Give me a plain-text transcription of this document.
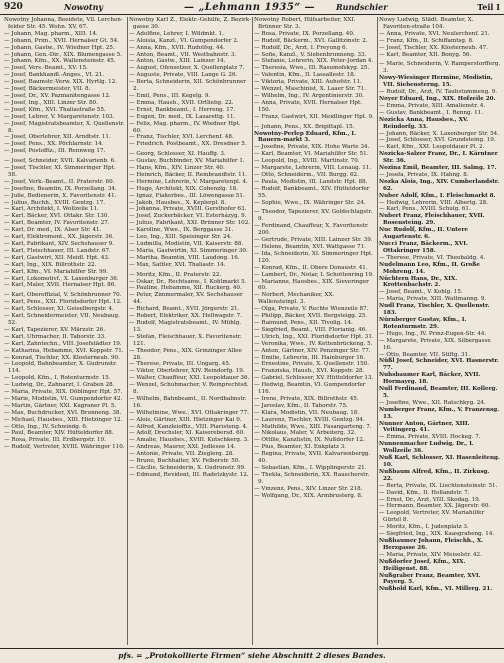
920	Nowotny	— „Lehmann 1935“ —	Rundschier	Teil I
Nowotny Johanna, Beeidete, Vll. Lerchen-felder Str. 45. Wohn. XV, 67.
— Johann, Mag. pharm., XIII. 14.
— Johann, Prim., XVII. Hernalser Gt. 54.
— Johann, Gastw., IV. Wiedner Hpt. 25.
— Johann, Gen.-Dir., XIX. Blumengasse 5.
— Johann, Kfm., XX. Wallensteinstr. 45.
— Josef, Vers.-Beamt., XV. 15.
— Josef, Bankhandl.-Anges., VI. 21.
— Josef, Baumstr.-Verw. XIX. Hyrtlg. 12.
— Josef, Bäckermeister, VII. 8.
— Josef, Dr., XV. Pazmanitengasse 12.
— Josef, Ing., XIII. Linzer Str. 80.
— Josef, Kfm., XVI. Thaliastraße 55.
— Josef, Lehrer, V. Margaretenstr. 103.
— Josef, Magistratsbeamter, X. Quellenstr. 8.
— Josef, Oberlehrer, XII. Arndtstr. 11.
— Josef, Pens., XX. Pöchlarnstr. 14.
— Josef, Postoffiz., III. Rennweg 17.
— Josef, Schneider, XVII. Kalvarienb. 6.
— Josef, Tischler, XI. Simmeringer Hpt. 58.
— Josef, Verk.-Beamt., II. Praterstr. 60.
— Josefine, Beamtin, IX. Porzellang. 34.
— Julie, Bedienerin, X. Favoritenstr. 41.
— Julius, Buchh., XVIII. Gentzg. 17.
— Karl, Architekt, I. Wollzeile 11.
— Karl, Bäcker, XVI. Ottakr. Str. 130.
— Karl, Beamter, IV. Favoritenstr. 27.
— Karl, Dr. med., IX. Alser Str. 41.
— Karl, Elektromont., XX. Jägerstr. 36.
— Karl, Fabrikant, XIV. Sechshauser 9.
— Karl, Fleischhauer, III. Landstr. 67.
— Karl, Gastwirt, XII. Meidl. Hpt. 43.
— Karl, Ing., XIX. Billrothstr. 22.
— Karl, Kfm., VI. Mariahilfer Str. 99.
— Karl, Lokomotivf., X. Laxenburger 36.
— Karl, Maler, XVII. Hernalser Hpt. 86.
— Karl, Oberoffizial, V. Schönbrunner 70.
— Karl, Pens., XXI. Floridsdorfer Hpt. 12.
— Karl, Schlosser, XI. Geiselbergstr. 4.
— Karl, Schneidermeister, VII. Neubaug. 52.
— Karl, Tapezierer, XV. Märzstr. 26.
— Karl, Uhrmacher, II. Taborstr. 33.
— Karl, Zahntechn., VIII. Josefstädter 19.
— Katharina, Hebamme, XVI. Koppstr. 71.
— Konrad, Tischler, XX. Klosterneub. 90.
— Leopold, Bahnbeamter, X. Gudrunstr. 114.
— Leopold, Kfm., I. Rotenturmstr. 15.
— Ludwig, Dr., Zahnarzt, I. Graben 28.
— Maria, Private, XIX. Döblinger Hpt. 57.
— Marie, Modistin, VI. Gumpendorfer 42.
— Martin, Gärtner, XXI. Kagraner Pl. 5.
— Max, Buchdrucker, XVI. Brunneng. 38.
— Michael, Hausbes., XIII. Hietzinger 12.
— Otto, Ing., IV. Schwindg. 6.
— Paul, Beamter, XIV. Hütteldorfer 88.
— Rosa, Private, III. Erdbergstr. 19.
— Rudolf, Vertreter, XVIII. Währinger 110.
Nowotny Karl Z., Elektr.-Gehilfe, Z. Bezirk-gasse 30.
— Adolfine, Lehrer, I. Wildmkt. 1.
— Aloisia, Kanzl., VI. Gumpendorfer 2.
— Anna, Kfm., XVII. Rudolfsg. 44.
— Anton, Beamt., VII. Westbahnstr. 3.
— Anton, Gastw., XIII. Lainzer 14.
— August, Ofensetzer, X. Quellenplatz 7.
— Auguste, Private, VIII. Lange G. 26.
— Berta, Schneiderin, XII. Schönbrunner 2.
— Emil, Pens., III. Kegelg. 9.
— Emma, Haush., XVII. Ortliebg. 22.
— Ernst, Bankbeamt., I. Herreng. 17.
— Eugen, Dr. med., IX. Lazarettg. 11.
— Felix, Mag. pharm., IV. Wiedner Hpt. 60.
— Franz, Tischler, XVI. Lerchenf. 48.
— Friedrich, Postbeamt., XX. Dresdner 5.
— Georg, Schlosser, XI. Hauffg. 3.
— Gustav, Buchbinder, XV. Mariahilfer 1.
— Hans, Kfm., XIV. Linzer Str. 40.
— Heinrich, Bäcker, II. Rembrandtstr. 11.
— Hermine, Lehrerin, V. Margaretenpl. 4.
— Hugo, Architekt, XIX. Cobenzlg. 18.
— Ignaz, Fiakerbes., III. Löwengasse 51.
— Jakob, Hausbes., X. Keplerpl. 8.
— Johanna, Private, XVIII. Gersthofer 63.
— Josef, Zuckerbäcker, VI. Esterházyg. 9.
— Julius, Fabrikant, XXI. Brünner Str. 102.
— Karoline, Wwe., IX. Berggasse 31.
— Leo, Ing., XIII. Speisinger Str. 24.
— Ludmilla, Modistin, VII. Kaiserstr. 88.
— Maria, Gastwirtin, XI. Simmeringer 30.
— Martha, Beamtin, VIII. Laudong. 16.
— Max, Sattler, XVI. Thaliastr. 14.
— Moritz, Kfm., II. Praterstr. 22.
— Oskar, Dr., Rechtsanw., I. Kohlmarkt 5.
— Pauline, Hebamme, XII. Ruckerg. 40.
— Peter, Zimmermaler, XV. Sechshauser 44.
— Richard, Beamt., XVII. Jörgerstr. 21.
— Robert, Elektriker, XX. Hellwagstr. 7.
— Rudolf, Magistratsbeamt., IV. Mühlg. 13.
— Stefan, Fleischhauer, X. Favoritenstr. 121.
— Theodor, Pens., XIX. Grinzinger Allee 28.
— Therese, Private, III. Ungarg. 45.
— Viktor, Oberlehrer, XIV. Reindorfg. 19.
— Walter, Chauffeur, XXI. Leopoldauer 36.
— Wenzel, Schuhmacher, V. Reinprechtsd. 8.
— Wilhelm, Bahnbeamt., II. Nordbahnstr. 16.
— Wilhelmine, Wwe., XVI. Ottakringer 77.
— Alois, Gärtner, XIII. Hietzinger Kai 9.
— Alfred, Kanzleioffiz., VIII. Piaristeng. 4.
— Adolf, Drechsler, XI. Kaiserebersd. 60.
— Amalie, Hausbes., XVIII. Kutschkerg. 3.
— Andreas, Maurer, XXI. Jedlesee 14.
— Antonie, Private, VII. Zieglerg. 28.
— Bruno, Buchhalter, XV. Felberstr. 50.
— Cäcilie, Schneiderin, X. Gudrunstr. 99.
— Edmund, Revident, III. Radetzkystr. 12.
Nowotny Robert, Hilfsarbeiter, XXI. Brünner Str. 3.
— Rosa, Private, IX. Porzellang. 40.
— Rudolf, Bäckerm., XVI. Gallitzinstr. 2.
— Rudolf, Dr., Arzt, I. Freyung 6.
— Sofie, Kanzl., V. Siebenbrunneng. 33.
— Stefanie, Lehrerin, XIX. Peter-Jordan 4.
— Theresia, Wwe., III. Rasumofskyg. 25.
— Valentin, Kfm., II. Lassallestr. 18.
— Viktoria, Private, XIII. Auhofstr. 11.
— Wenzel, Maschinist, X. Laaer Str. 71.
— Wilhelm, Ing., IV. Argentinierstr. 30.
— Anna, Private, XVII. Hernalser Hpt. 150.
— Franz, Gastwirt, XII. Meidlinger Hpt. 9.
— Johann, Pens., XX. Brigittapl. 15.
Nowotny-Perlep Eduard, Kfm., I. Bauern-markt 3.
— Josefine, Private, XIX. Hohe Warte 34.
— Karl, Beamter, VI. Mariahilfer Str. 51.
— Leopold, Ing., XVIII. Martinstr. 70.
— Margarete, Lehrerin, VIII. Lenaug. 11.
— Otto, Schneiderm., VII. Burgg. 62.
— Paula, Modistin, III. Landstr. Hpt. 88.
— Rudolf, Bankbeamt., XIV. Hütteldorfer 55.
— Sophie, Wwe., IX. Währinger Str. 24.
— Theodor, Tapezierer, XV. Goldschlagstr. 9.
— Ferdinand, Chauffeur, X. Favoritenstr. 200.
— Gertrude, Private, XIII. Lainzer Str. 39.
— Helene, Beamtin, XVI. Wattgasse 71.
— Ida, Schneiderin, XI. Simmeringer Hpt. 120.
— Konrad, Kfm., II. Obere Donaustr. 41.
— Lambert, Dr., Notar, I. Schottenring 19.
— Marianne, Hausbes., XIX. Sieveringer 60.
— Norbert, Mechaniker, XX. Wallensteinpl. 3.
— Olga, Private, V. Rechte Wienzeile 87.
— Philipp, Bäcker, XVII. Bergsteigg. 25.
— Raimund, Pens., XII. Tivolig. 14.
— Siegfried, Beamt., VIII. Florianig. 46.
— Ulrich, Ing., XXI. Floridsdorfer Hpt. 31.
— Veronika, Wwe., IV. Kettenbrückeng. 5.
— Anton, Gärtner, XIV. Penzinger Str. 77.
— Emilie, Lehrerin, III. Hainburger 16.
— Ernestine, Private, X. Quellenstr. 150.
— Franziska, Haush., XVI. Koppstr. 28.
— Gabriel, Schlosser, XV. Hütteldorfer 13.
— Hedwig, Beamtin, VI. Gumpendorfer 116.
— Irene, Private, XIX. Billrothstr. 45.
— Jaroslav, Kfm., II. Taborstr. 75.
— Klara, Modistin, VII. Neubaug. 18.
— Laurenz, Tischler, XVIII. Gentzg. 94.
— Mathilde, Wwe., XIII. Fasangarteng. 7.
— Nikolaus, Maler, V. Arbeiterg. 32.
— Ottilie, Kanzlistin, IX. Nußdorfer 12.
— Pius, Beamter, XI. Enkplatz 3.
— Regina, Private, XVII. Kalvarienbergg. 40.
— Sebastian, Kfm., I. Wipplingerstr. 21.
— Thekla, Schneiderin, XX. Rauscherstr. 9.
— Vinzenz, Pens., XIV. Linzer Str. 218.
— Wolfgang, Dr., XIX. Armbrusterg. 8.
Nowy Ludwig, Städt. Beamter, X. Favoriten-straße 104.
— Anna, Private, XVI. Neulerchenf. 21.
— Franz, Kfm., II. Schiffamtsg. 8.
— Josef, Tischler, XX. Klosterneub. 47.
— Karl, Beamter, XII. Bonyg. 56.
— Marie, Schneiderin, V. Ramperstorfferg. 3.
Nowy-Wiesinger Hermine, Modistin, VII. Siebensterng. 15.
— Rudolf, Dr., Arzt, IV. Taubstummeng. 9.
Noyer Eduard, Ing., XIX. Hofzeile 20.
— Emma, Private, XIII. Amalienstr. 4.
— Gustav, Bankbeamt., I. Renng. 11.
Nozicka Anna, Hausbes., XV. Reindorfg. 33.
— Johann, Bäcker, X. Laxenburger Str. 54.
— Josef, Schlosser, XVI. Grundsteing. 19.
— Karl, Kfm., XXI. Leopoldauer Pl. 2.
Nozicka-Salzer Franz, Dr., I. Kärntner Str. 36.
Nozina Emil, Beamter, III. Salmg. 17.
— Josefa, Private, IX. Hahng. 8.
Nozka Alois, Ing., XIV. Cumberlandstr. 62.
Nuber Adolf, Kfm., I. Fleischmarkt 8.
— Hedwig, Lehrerin, VIII. Albertg. 28.
— Karl, Pens., XVIII. Schulg. 61.
Nubert Franz, Fleischhauer, XVII. Rosensteing. 29.
Nuc Rudolf, Kfm., II. Untere Augartenstr. 6.
Nucci Franz, Bäckerm., XVI. Ottakringer 158.
— Therese, Private, VI. Theobaldg. 4.
Nudelmann Leo, Kfm., II. Große Mohreng. 14.
Nüchtern Hans, Dr., XIX. Krottenbachstr. 2.
— Josef, Beamt., V. Kohlg. 15.
— Maria, Private, XIII. Wattmanng. 9.
Nudl Franz, Tischler, X. Quellenstr. 183.
Nürnberger Gustav, Kfm., I. Rotenturmstr. 29.
— Hugo, Ing., IV. Prinz-Eugen-Str. 44.
— Margarete, Private, XIX. Silbergasse 16.
— Otto, Beamter, VII. Stiftg. 31.
Nüßl Josef, Schneider, XVI. Hasnerstr. 77.
Nuhsbaumer Karl, Bäcker, XVII. Hormayrg. 18.
Null Ferdinand, Beamter, III. Kollerg. 5.
— Josefine, Wwe., XII. Ratschkyg. 24.
Numberger Franz, Kfm., V. Franzensg. 13.
Nunner Anton, Gärtner, XIII. Veitingerg. 41.
— Emma, Private, XVIII. Hockeg. 7.
Nunnenmacher Ludwig, Dr., I. Wollzeile 36.
Nuß Karl, Schlosser, XI. Hasenleiteng. 10.
Nußbaum Alfred, Kfm., II. Zirkusg. 22.
— Berta, Private, IX. Liechtensteinstr. 51.
— David, Kfm., II. Hollandstr. 7.
— Ernst, Dr., Arzt, VIII. Skodag. 19.
— Hermann, Beamter, XX. Jägerstr. 60.
— Leopold, Vertreter, XV. Mariahilfer Gürtel 8.
— Moritz, Kfm., I. Judenplatz 3.
— Siegfried, Ing., XIX. Kaasgrabeng. 14.
Nußbaumer Johann, Fleischh., X. Herzgasse 26.
— Maria, Private, XIV. Meiselstr. 42.
Nußdorfer Josef, Kfm., XIX. Heiligenst. 88.
Nußgraber Franz, Beamter, XVI. Payerg. 5.
Nußhold Karl, Kfm., VI. Millerg. 21.
pfs. = „Protokollierte Firmen“ siehe Abschnitt 2 dieses Bandes.
